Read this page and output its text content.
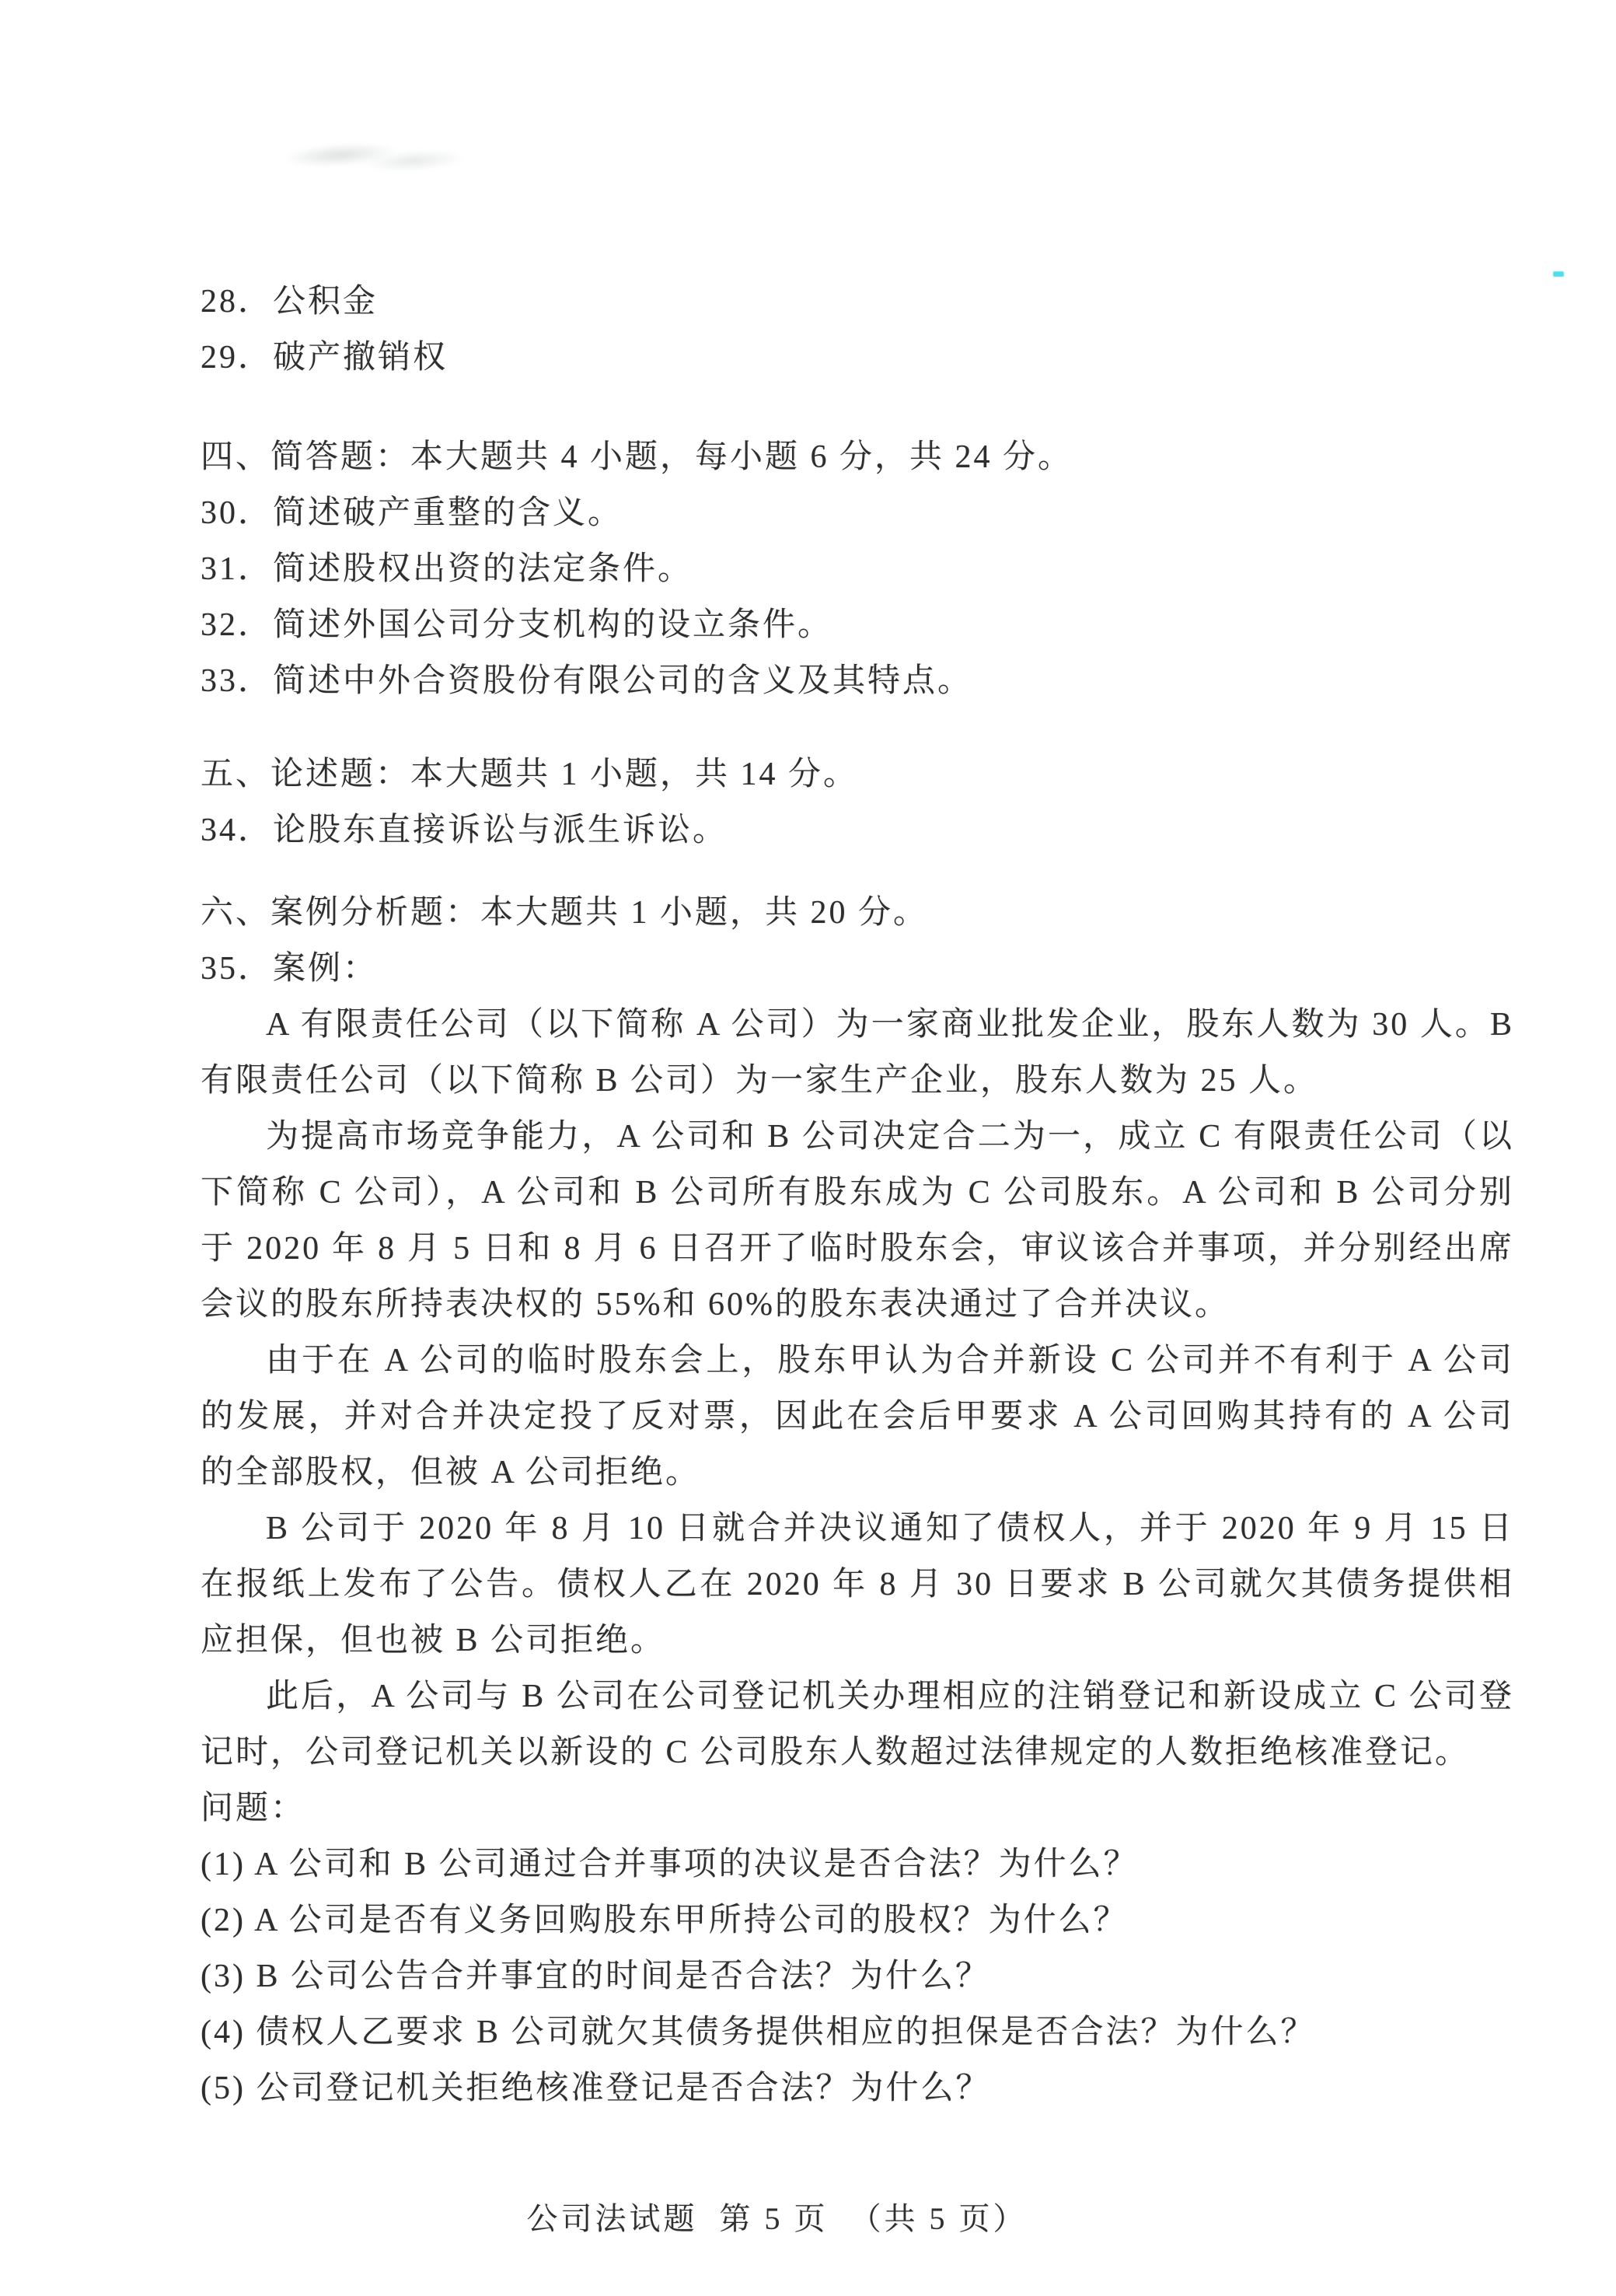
28．公积金
29．破产撤销权
四、简答题：本大题共 4 小题，每小题 6 分，共 24 分。
30．简述破产重整的含义。
31．简述股权出资的法定条件。
32．简述外国公司分支机构的设立条件。
33．简述中外合资股份有限公司的含义及其特点。
五、论述题：本大题共 1 小题，共 14 分。
34．论股东直接诉讼与派生诉讼。
六、案例分析题：本大题共 1 小题，共 20 分。
35．案例：

A 有限责任公司（以下简称 A 公司）为一家商业批发企业，股东人数为 30 人。B 有限责任公司（以下简称 B 公司）为一家生产企业，股东人数为 25 人。

为提高市场竞争能力，A 公司和 B 公司决定合二为一，成立 C 有限责任公司（以下简称 C 公司），A 公司和 B 公司所有股东成为 C 公司股东。A 公司和 B 公司分别于 2020 年 8 月 5 日和 8 月 6 日召开了临时股东会，审议该合并事项，并分别经出席会议的股东所持表决权的 55%和 60%的股东表决通过了合并决议。

由于在 A 公司的临时股东会上，股东甲认为合并新设 C 公司并不有利于 A 公司的发展，并对合并决定投了反对票，因此在会后甲要求 A 公司回购其持有的 A 公司的全部股权，但被 A 公司拒绝。

B 公司于 2020 年 8 月 10 日就合并决议通知了债权人，并于 2020 年 9 月 15 日在报纸上发布了公告。债权人乙在 2020 年 8 月 30 日要求 B 公司就欠其债务提供相应担保，但也被 B 公司拒绝。

此后，A 公司与 B 公司在公司登记机关办理相应的注销登记和新设成立 C 公司登记时，公司登记机关以新设的 C 公司股东人数超过法律规定的人数拒绝核准登记。

问题：
(1) A 公司和 B 公司通过合并事项的决议是否合法？为什么？
(2) A 公司是否有义务回购股东甲所持公司的股权？为什么？
(3) B 公司公告合并事宜的时间是否合法？为什么？
(4) 债权人乙要求 B 公司就欠其债务提供相应的担保是否合法？为什么？
(5) 公司登记机关拒绝核准登记是否合法？为什么？
公司法试题  第 5 页  （共 5 页）
